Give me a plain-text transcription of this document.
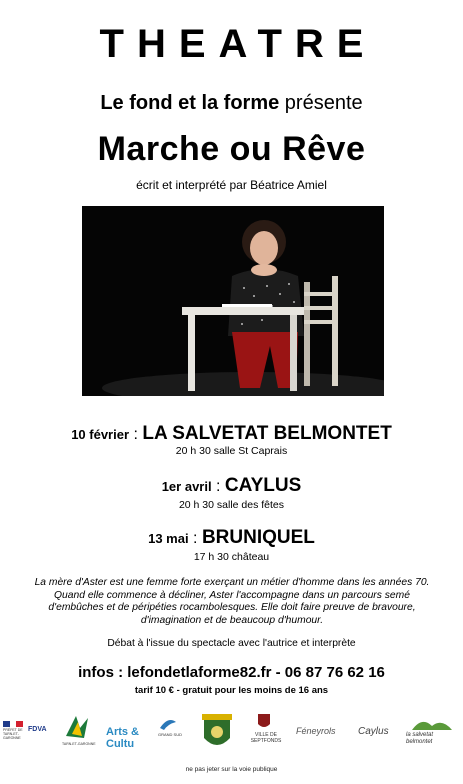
THEATRE
Le fond et la forme présente
Marche ou Rêve
écrit et interprété par Béatrice Amiel
10 février : LA SALVETAT BELMONTET
20 h 30 salle St Caprais
1er avril : CAYLUS
20 h 30 salle des fêtes
13 mai : BRUNIQUEL
17 h 30 château
La mère d'Aster est une femme forte exerçant un métier d'homme dans les années 70. Quand elle commence à décliner, Aster l'accompagne dans un parcours semé d'embûches et de péripéties rocambolesques. Elle doit faire preuve de bravoure, d'imagination et de beaucoup d'humour.
Débat à l'issue du spectacle avec l'autrice et interprète
infos : lefondetlaforme82.fr - 06 87 76 62 16
tarif 10 € - gratuit pour les moins de 16 ans
PRÉFET DE TARN-ET-GARONNE
FDVA
TARN-ET-GARONNE
Arts & Cultu
GRAND SUD	VILLE DE SEPTFONDS
Féneyrols Caylus	la salvetat belmontet
ne pas jeter sur la voie publique
